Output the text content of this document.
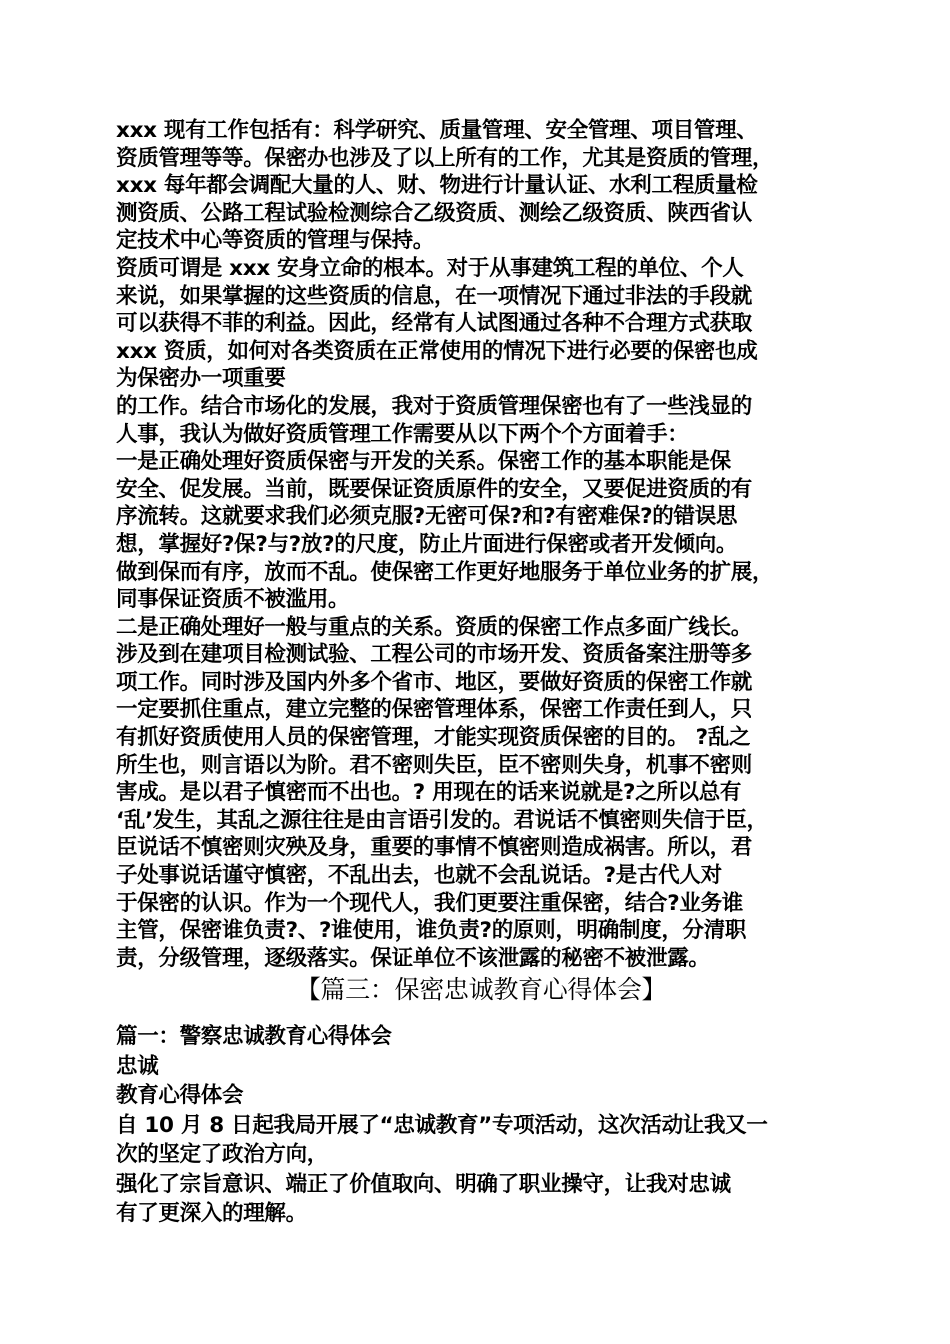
xxx 现有工作包括有：科学研究、质量管理、安全管理、项目管理、
资质管理等等。保密办也涉及了以上所有的工作，尤其是资质的管理，
xxx 每年都会调配大量的人、财、物进行计量认证、水利工程质量检
测资质、公路工程试验检测综合乙级资质、测绘乙级资质、陕西省认
定技术中心等资质的管理与保持。
资质可谓是 xxx 安身立命的根本。对于从事建筑工程的单位、个人
来说，如果掌握的这些资质的信息，在一项情况下通过非法的手段就
可以获得不菲的利益。因此，经常有人试图通过各种不合理方式获取
xxx 资质，如何对各类资质在正常使用的情况下进行必要的保密也成
为保密办一项重要
的工作。结合市场化的发展，我对于资质管理保密也有了一些浅显的
人事，我认为做好资质管理工作需要从以下两个个方面着手：
一是正确处理好资质保密与开发的关系。保密工作的基本职能是保
安全、促发展。当前，既要保证资质原件的安全，又要促进资质的有
序流转。这就要求我们必须克服?无密可保?和?有密难保?的错误思
想，掌握好?保?与?放?的尺度，防止片面进行保密或者开发倾向。
做到保而有序，放而不乱。使保密工作更好地服务于单位业务的扩展，
同事保证资质不被滥用。
二是正确处理好一般与重点的关系。资质的保密工作点多面广线长。
涉及到在建项目检测试验、工程公司的市场开发、资质备案注册等多
项工作。同时涉及国内外多个省市、地区，要做好资质的保密工作就
一定要抓住重点，建立完整的保密管理体系，保密工作责任到人，只
有抓好资质使用人员的保密管理，才能实现资质保密的目的。 ?乱之
所生也，则言语以为阶。君不密则失臣，臣不密则失身，机事不密则
害成。是以君子慎密而不出也。? 用现在的话来说就是?之所以总有
‘乱’发生，其乱之源往往是由言语引发的。君说话不慎密则失信于臣，
臣说话不慎密则灾殃及身，重要的事情不慎密则造成祸害。所以，君
子处事说话谨守慎密，不乱出去，也就不会乱说话。?是古代人对
于保密的认识。作为一个现代人，我们更要注重保密，结合?业务谁
主管，保密谁负责?、?谁使用，谁负责?的原则，明确制度，分清职
责，分级管理，逐级落实。保证单位不该泄露的秘密不被泄露。
【篇三：保密忠诚教育心得体会】
篇一：警察忠诚教育心得体会
忠诚
教育心得体会
自 10 月 8 日起我局开展了“忠诚教育”专项活动，这次活动让我又一
次的坚定了政治方向，
强化了宗旨意识、端正了价值取向、明确了职业操守，让我对忠诚
有了更深入的理解。
